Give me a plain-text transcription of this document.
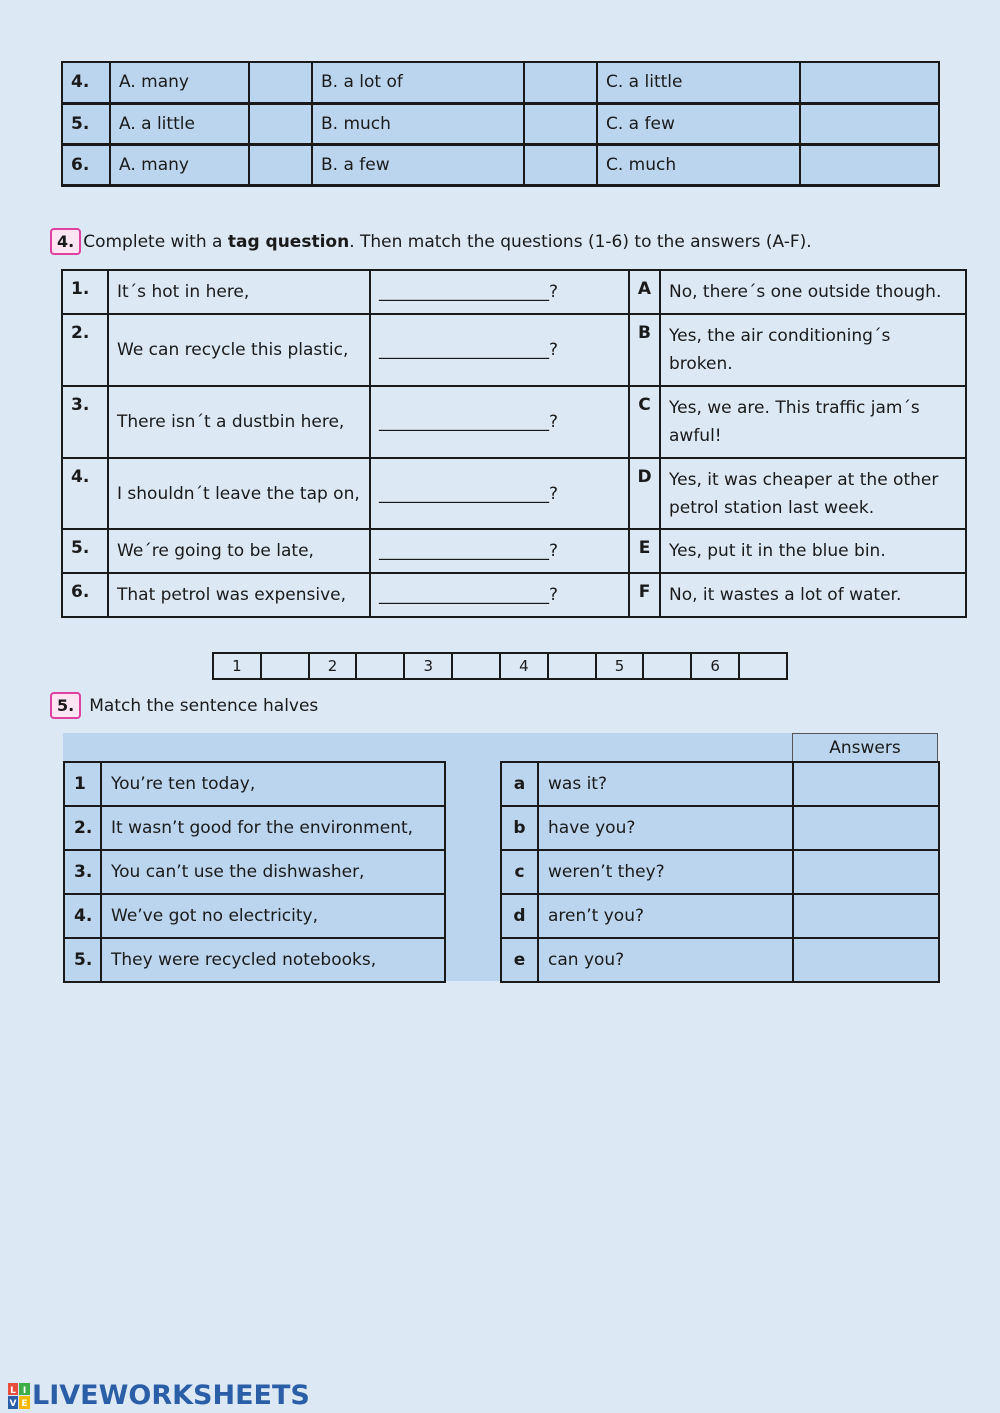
4.	A. many		B. a lot of		C. a little	
5.	A. a little		B. much		C. a few	
6.	A. many		B. a few		C. much	
4. Complete with a tag question . Then match the questions (1-6) to the answers (A-F).
1.	It´s hot in here,	____________________?	A	No, there´s one outside though.
2.	We can recycle this plastic,	____________________?	B	Yes, the air conditioning´s broken.
3.	There isn´t a dustbin here,	____________________?	C	Yes, we are. This traffic jam´s awful!
4.	I shouldn´t leave the tap on,	____________________?	D	Yes, it was cheaper at the other petrol station last week.
5.	We´re going to be late,	____________________?	E	Yes, put it in the blue bin.
6.	That petrol was expensive,	____________________?	F	No, it wastes a lot of water.
1		2		3		4		5		6	
5. Match the sentence halves
Answers
1	You’re ten today,
2.	It wasn’t good for the environment,
3.	You can’t use the dishwasher,
4.	We’ve got no electricity,
5.	They were recycled notebooks,
a	was it?	
b	have you?	
c	weren’t they?	
d	aren’t you?	
e	can you?	
L I
V E LIVEWORKSHEETS
